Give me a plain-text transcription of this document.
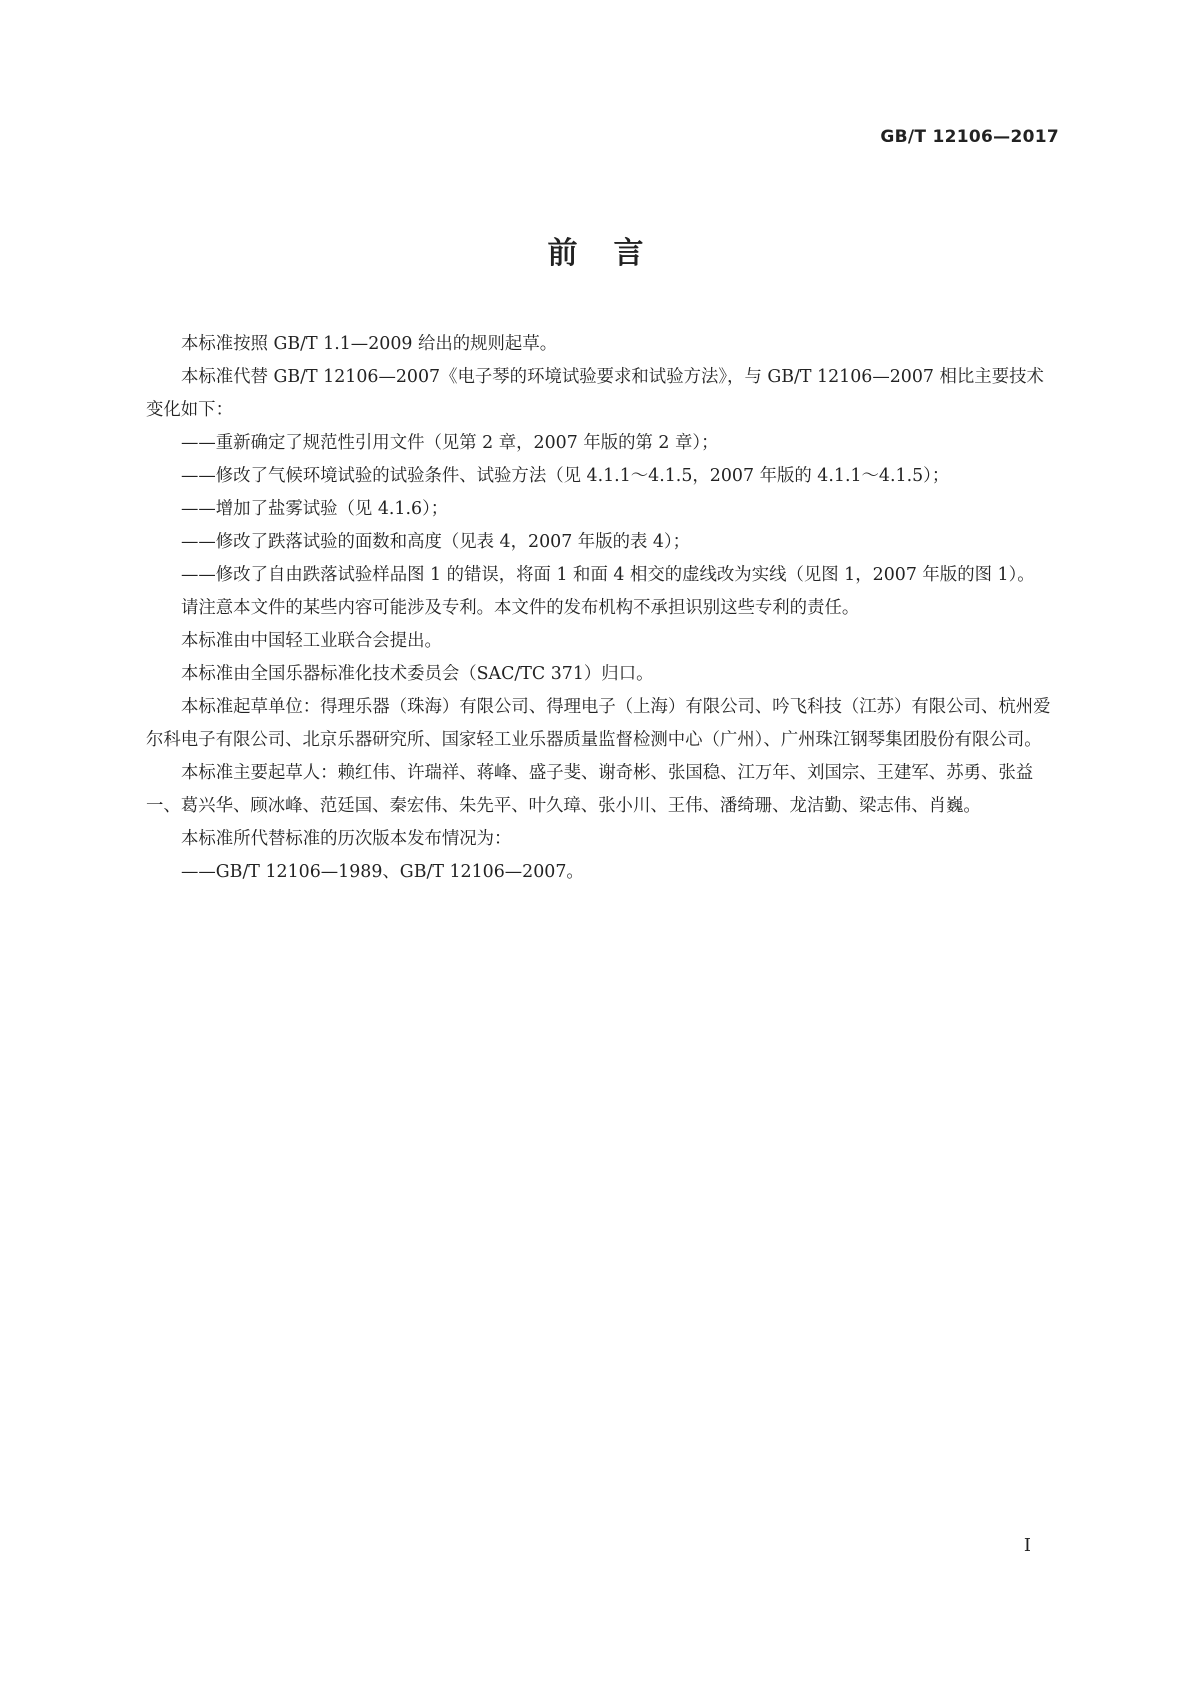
GB/T 12106—2017
前言

本标准按照 GB/T 1.1—2009 给出的规则起草。

本标准代替 GB/T 12106—2007《电子琴的环境试验要求和试验方法》，与 GB/T 12106—2007 相比主要技术变化如下：

——重新确定了规范性引用文件（见第 2 章，2007 年版的第 2 章）；

——修改了气候环境试验的试验条件、试验方法（见 4.1.1～4.1.5，2007 年版的 4.1.1～4.1.5）；

——增加了盐雾试验（见 4.1.6）；

——修改了跌落试验的面数和高度（见表 4，2007 年版的表 4）；

——修改了自由跌落试验样品图 1 的错误，将面 1 和面 4 相交的虚线改为实线（见图 1，2007 年版的图 1）。

请注意本文件的某些内容可能涉及专利。本文件的发布机构不承担识别这些专利的责任。

本标准由中国轻工业联合会提出。

本标准由全国乐器标准化技术委员会（SAC/TC 371）归口。

本标准起草单位：得理乐器（珠海）有限公司、得理电子（上海）有限公司、吟飞科技（江苏）有限公司、杭州爱尔科电子有限公司、北京乐器研究所、国家轻工业乐器质量监督检测中心（广州）、广州珠江钢琴集团股份有限公司。

本标准主要起草人：赖红伟、许瑞祥、蒋峰、盛子斐、谢奇彬、张国稳、江万年、刘国宗、王建军、苏勇、张益一、葛兴华、顾冰峰、范廷国、秦宏伟、朱先平、叶久璋、张小川、王伟、潘绮珊、龙洁勤、梁志伟、肖巍。

本标准所代替标准的历次版本发布情况为：

——GB/T 12106—1989、GB/T 12106—2007。

I
